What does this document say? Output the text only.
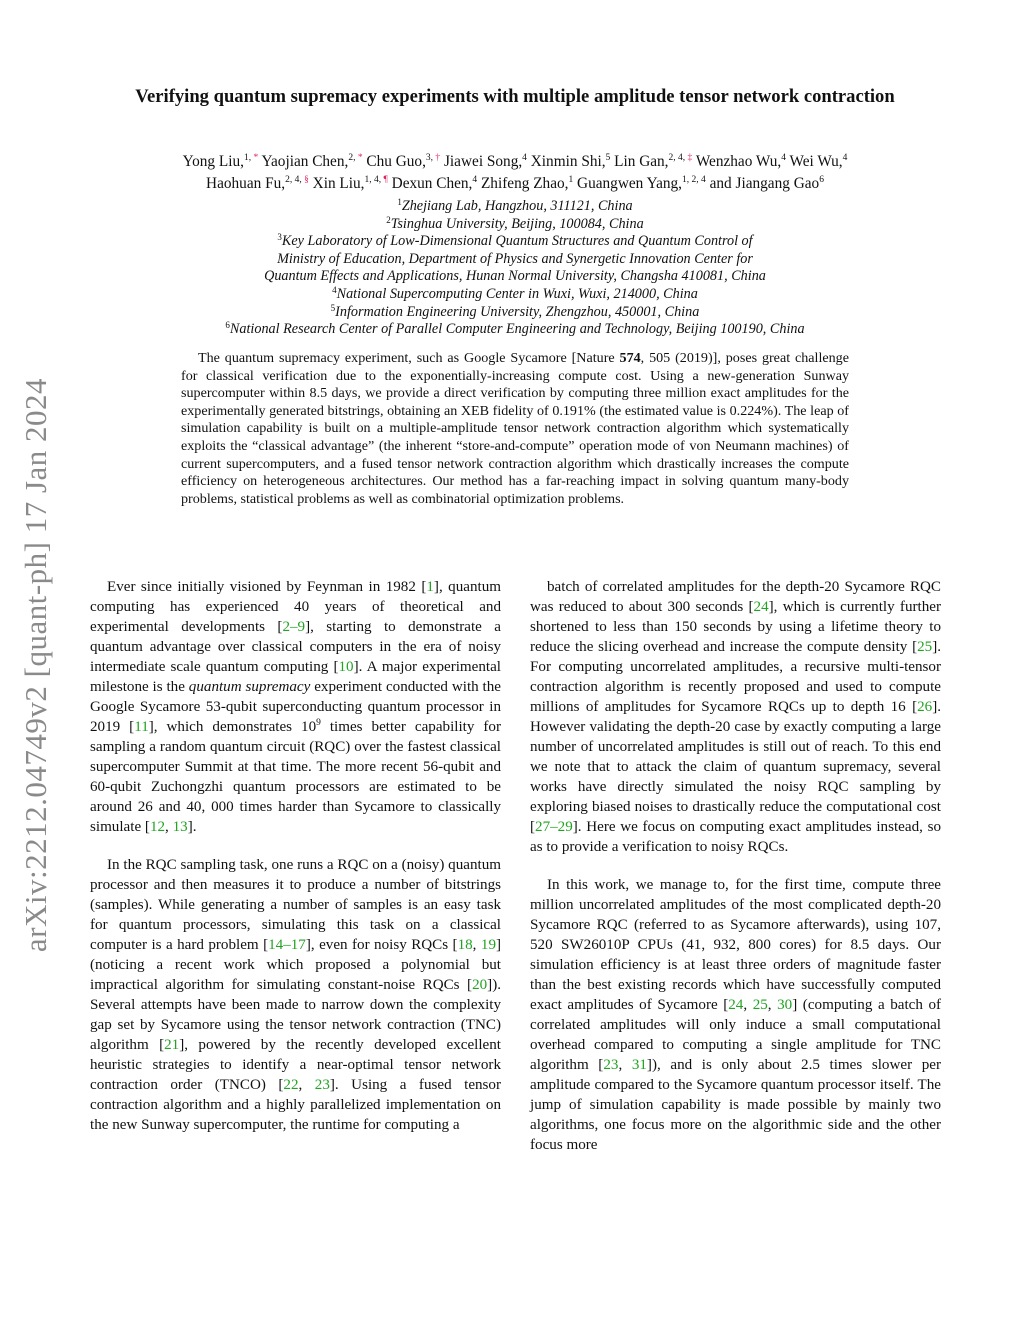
arXiv:2212.04749v2 [quant-ph] 17 Jan 2024
Verifying quantum supremacy experiments with multiple amplitude tensor network contraction
Yong Liu,$^{1, *}$ Yaojian Chen,$^{2, *}$ Chu Guo,$^{3, \dagger}$ Jiawei Song,$^4$ Xinmin Shi,$^5$ Lin Gan,$^{2, 4, \ddagger}$ Wenzhao Wu,$^4$ Wei Wu,$^4$
Haohuan Fu,$^{2, 4, \S}$ Xin Liu,$^{1, 4, \P}$ Dexun Chen,$^4$ Zhifeng Zhao,$^1$ Guangwen Yang,$^{1, 2, 4}$ and Jiangang Gao$^6$
$^1$Zhejiang Lab, Hangzhou, 311121, China
$^2$Tsinghua University, Beijing, 100084, China
$^3$Key Laboratory of Low-Dimensional Quantum Structures and Quantum Control of
Ministry of Education, Department of Physics and Synergetic Innovation Center for
Quantum Effects and Applications, Hunan Normal University, Changsha 410081, China
$^4$National Supercomputing Center in Wuxi, Wuxi, 214000, China
$^5$Information Engineering University, Zhengzhou, 450001, China
$^6$National Research Center of Parallel Computer Engineering and Technology, Beijing 100190, China
The quantum supremacy experiment, such as Google Sycamore [Nature 574, 505 (2019)], poses great challenge for classical verification due to the exponentially-increasing compute cost. Using a new-generation Sunway supercomputer within 8.5 days, we provide a direct verification by computing three million exact amplitudes for the experimentally generated bitstrings, obtaining an XEB fidelity of 0.191% (the estimated value is 0.224%). The leap of simulation capability is built on a multiple-amplitude tensor network contraction algorithm which systematically exploits the “classical advantage” (the inherent “store-and-compute” operation mode of von Neumann machines) of current supercomputers, and a fused tensor network contraction algorithm which drastically increases the compute efficiency on heterogeneous architectures. Our method has a far-reaching impact in solving quantum many-body problems, statistical problems as well as combinatorial optimization problems.

Ever since initially visioned by Feynman in 1982 [1], quantum computing has experienced 40 years of theoretical and experimental developments [2–9], starting to demonstrate a quantum advantage over classical computers in the era of noisy intermediate scale quantum computing [10]. A major experimental milestone is the quantum supremacy experiment conducted with the Google Sycamore 53-qubit superconducting quantum processor in 2019 [11], which demonstrates $10^9$ times better capability for sampling a random quantum circuit (RQC) over the fastest classical supercomputer Summit at that time. The more recent 56-qubit and 60-qubit Zuchongzhi quantum processors are estimated to be around 26 and 40, 000 times harder than Sycamore to classically simulate [12, 13].

In the RQC sampling task, one runs a RQC on a (noisy) quantum processor and then measures it to produce a number of bitstrings (samples). While generating a number of samples is an easy task for quantum processors, simulating this task on a classical computer is a hard problem [14–17], even for noisy RQCs [18, 19] (noticing a recent work which proposed a polynomial but impractical algorithm for simulating constant-noise RQCs [20]). Several attempts have been made to narrow down the complexity gap set by Sycamore using the tensor network contraction (TNC) algorithm [21], powered by the recently developed excellent heuristic strategies to identify a near-optimal tensor network contraction order (TNCO) [22, 23]. Using a fused tensor contraction algorithm and a highly parallelized implementation on the new Sunway supercomputer, the runtime for computing a

batch of correlated amplitudes for the depth-20 Sycamore RQC was reduced to about 300 seconds [24], which is currently further shortened to less than 150 seconds by using a lifetime theory to reduce the slicing overhead and increase the compute density [25]. For computing uncorrelated amplitudes, a recursive multi-tensor contraction algorithm is recently proposed and used to compute millions of amplitudes for Sycamore RQCs up to depth 16 [26]. However validating the depth-20 case by exactly computing a large number of uncorrelated amplitudes is still out of reach. To this end we note that to attack the claim of quantum supremacy, several works have directly simulated the noisy RQC sampling by exploring biased noises to drastically reduce the computational cost [27–29]. Here we focus on computing exact amplitudes instead, so as to provide a verification to noisy RQCs.

In this work, we manage to, for the first time, compute three million uncorrelated amplitudes of the most complicated depth-20 Sycamore RQC (referred to as Sycamore afterwards), using 107, 520 SW26010P CPUs (41, 932, 800 cores) for 8.5 days. Our simulation efficiency is at least three orders of magnitude faster than the best existing records which have successfully computed exact amplitudes of Sycamore [24, 25, 30] (computing a batch of correlated amplitudes will only induce a small computational overhead compared to computing a single amplitude for TNC algorithm [23, 31]), and is only about 2.5 times slower per amplitude compared to the Sycamore quantum processor itself. The jump of simulation capability is made possible by mainly two algorithms, one focus more on the algorithmic side and the other focus more
